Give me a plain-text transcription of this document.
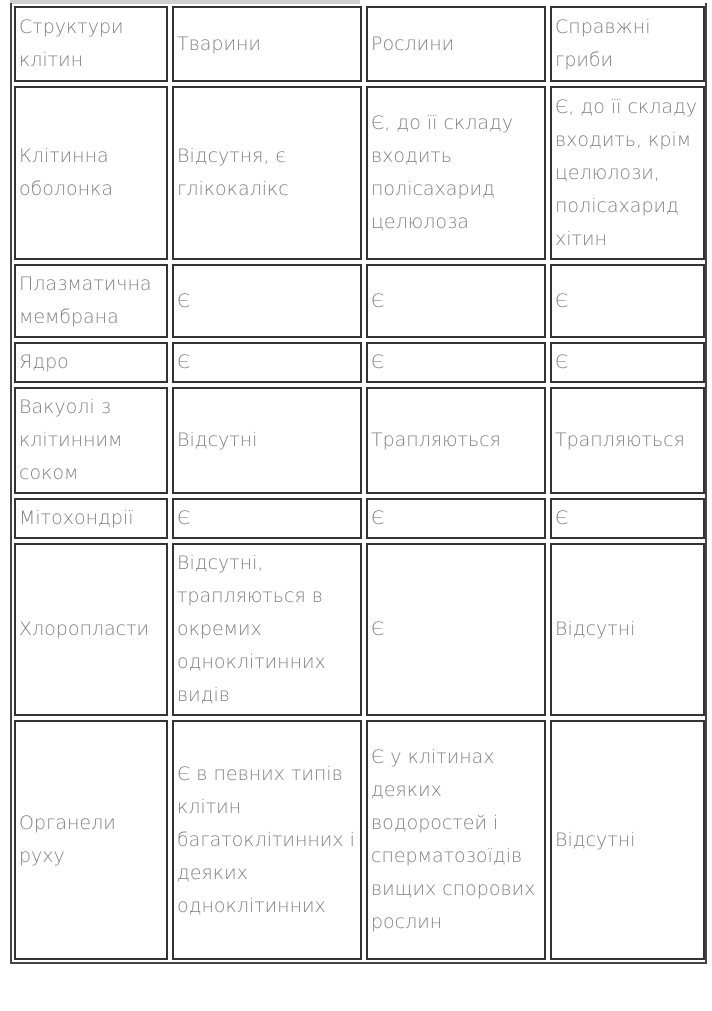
Структури клітин	Тварини	Рослини	Справжні гриби
Клітинна оболонка	Відсутня, є глікокалікс	Є, до її складу входить полісахарид целюлоза	Є, до її складу входить, крім целюлози, полісахарид хітин
Плазматична мембрана	Є	Є	Є
Ядро	Є	Є	Є
Вакуолі з клітинним соком	Відсутні	Трапляються	Трапляються
Мітохондрії	Є	Є	Є
Хлоропласти	Відсутні, трапляються в окремих одноклітинних видів	Є	Відсутні
Органели руху	Є в певних типів клітин багатоклітинних і деяких одноклітинних	Є у клітинах деяких водоростей і сперматозоїдів вищих спорових рослин	Відсутні
